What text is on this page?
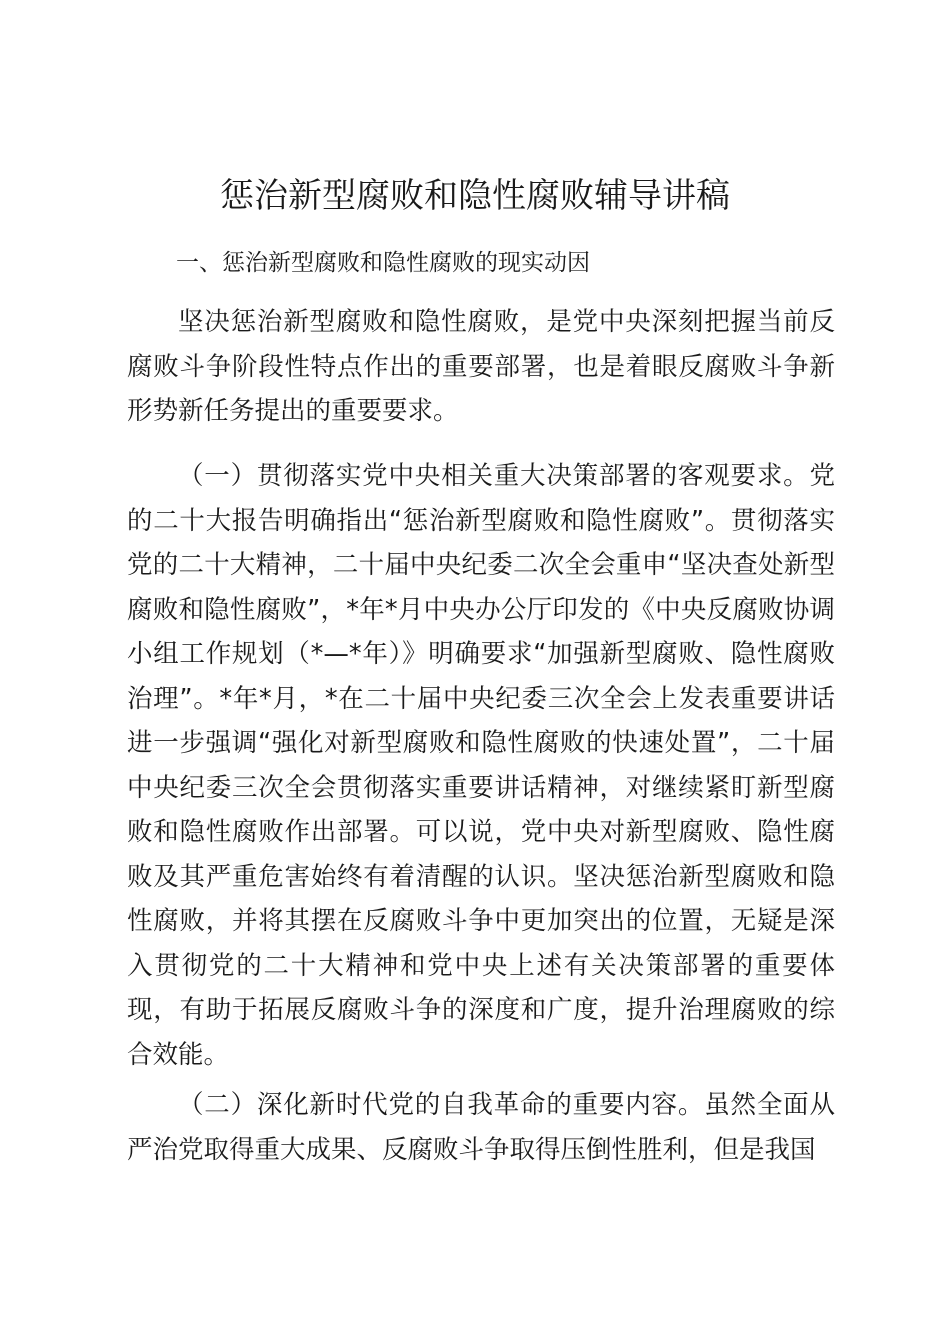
惩治新型腐败和隐性腐败辅导讲稿
一、惩治新型腐败和隐性腐败的现实动因

坚决惩治新型腐败和隐性腐败，是党中央深刻把握当前反腐败斗争阶段性特点作出的重要部署，也是着眼反腐败斗争新形势新任务提出的重要要求。

（一）贯彻落实党中央相关重大决策部署的客观要求。党的二十大报告明确指出“惩治新型腐败和隐性腐败”。贯彻落实党的二十大精神，二十届中央纪委二次全会重申“坚决查处新型腐败和隐性腐败”，*年*月中央办公厅印发的《中央反腐败协调小组工作规划（*—*年）》明确要求“加强新型腐败、隐性腐败治理”。*年*月，*在二十届中央纪委三次全会上发表重要讲话进一步强调“强化对新型腐败和隐性腐败的快速处置”，二十届中央纪委三次全会贯彻落实重要讲话精神，对继续紧盯新型腐败和隐性腐败作出部署。可以说，党中央对新型腐败、隐性腐败及其严重危害始终有着清醒的认识。坚决惩治新型腐败和隐性腐败，并将其摆在反腐败斗争中更加突出的位置，无疑是深入贯彻党的二十大精神和党中央上述有关决策部署的重要体现，有助于拓展反腐败斗争的深度和广度，提升治理腐败的综合效能。

（二）深化新时代党的自我革命的重要内容。虽然全面从严治党取得重大成果、反腐败斗争取得压倒性胜利，但是我国
